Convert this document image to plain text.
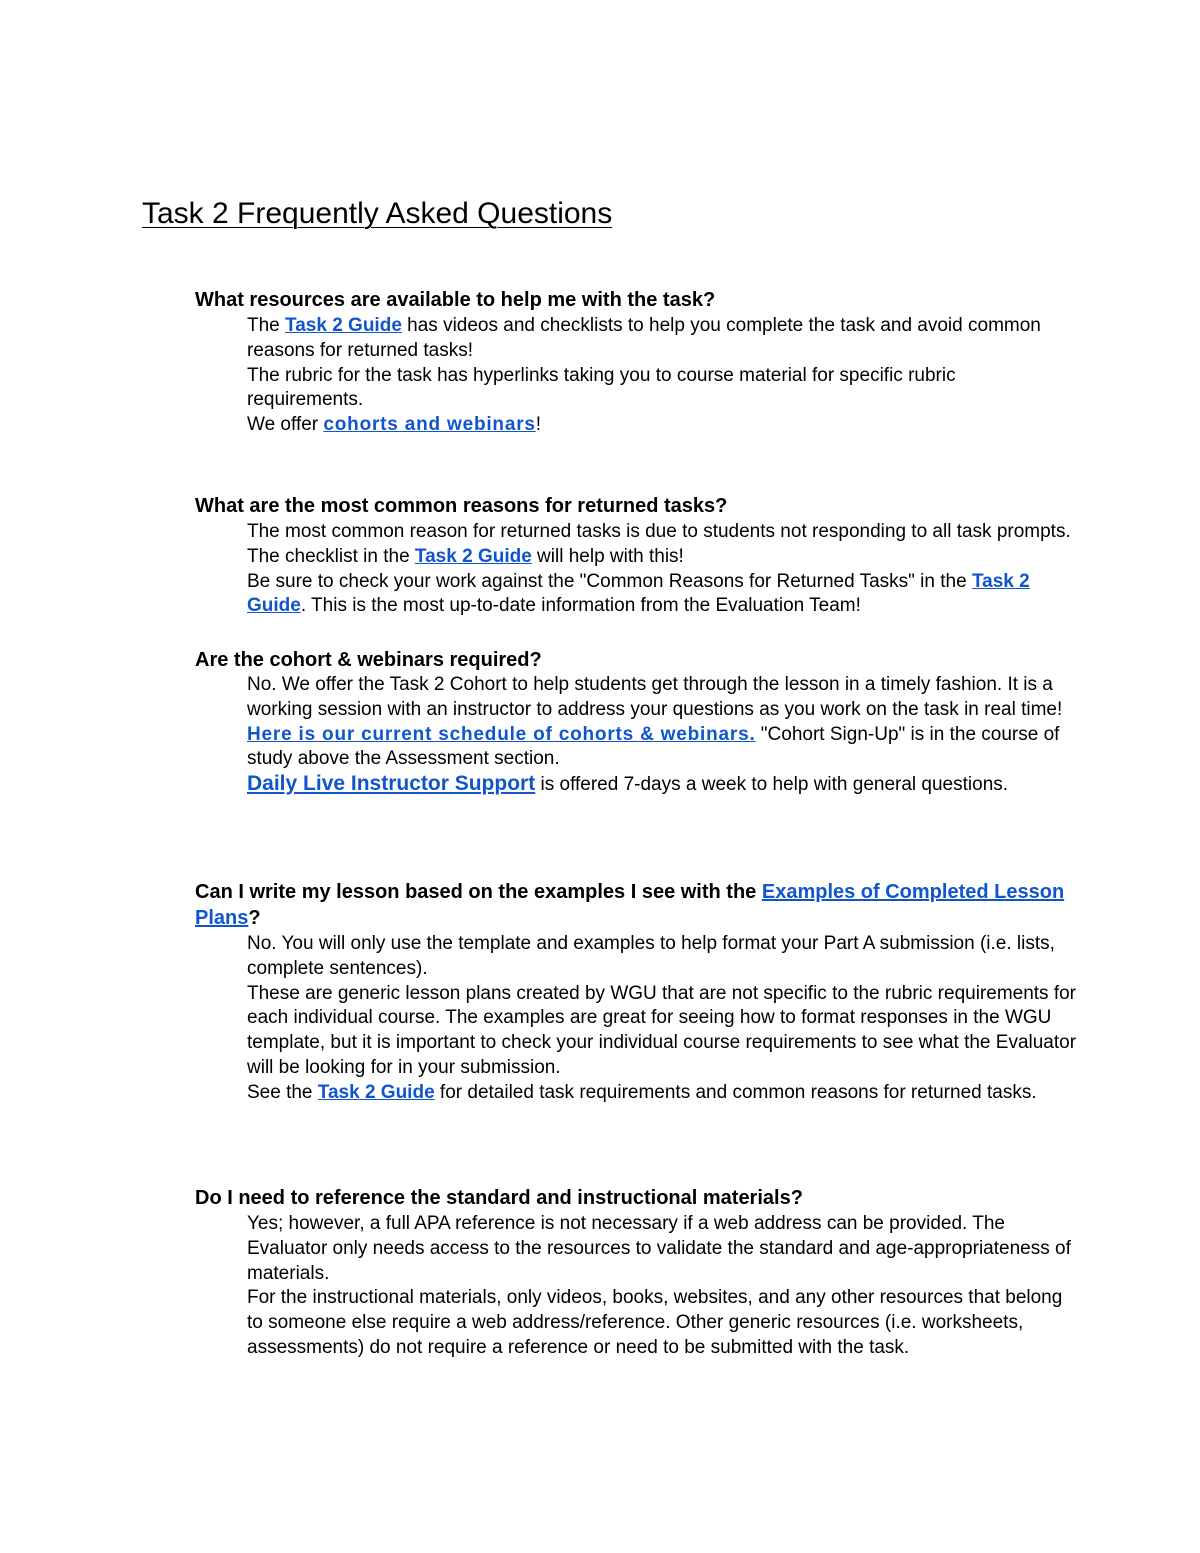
Task 2 Frequently Asked Questions
What resources are available to help me with the task?
The Task 2 Guide has videos and checklists to help you complete the task and avoid common reasons for returned tasks!
The rubric for the task has hyperlinks taking you to course material for specific rubric requirements.
We offer cohorts and webinars!
What are the most common reasons for returned tasks?
The most common reason for returned tasks is due to students not responding to all task prompts. The checklist in the Task 2 Guide will help with this!
Be sure to check your work against the "Common Reasons for Returned Tasks" in the Task 2 Guide. This is the most up-to-date information from the Evaluation Team!
Are the cohort & webinars required?
No. We offer the Task 2 Cohort to help students get through the lesson in a timely fashion. It is a working session with an instructor to address your questions as you work on the task in real time! Here is our current schedule of cohorts & webinars. "Cohort Sign-Up" is in the course of study above the Assessment section.
Daily Live Instructor Support is offered 7-days a week to help with general questions.
Can I write my lesson based on the examples I see with the Examples of Completed Lesson Plans?
No. You will only use the template and examples to help format your Part A submission (i.e. lists, complete sentences).
These are generic lesson plans created by WGU that are not specific to the rubric requirements for each individual course. The examples are great for seeing how to format responses in the WGU template, but it is important to check your individual course requirements to see what the Evaluator will be looking for in your submission.
See the Task 2 Guide for detailed task requirements and common reasons for returned tasks.
Do I need to reference the standard and instructional materials?
Yes; however, a full APA reference is not necessary if a web address can be provided. The Evaluator only needs access to the resources to validate the standard and age-appropriateness of materials.
For the instructional materials, only videos, books, websites, and any other resources that belong to someone else require a web address/reference. Other generic resources (i.e. worksheets, assessments) do not require a reference or need to be submitted with the task.
